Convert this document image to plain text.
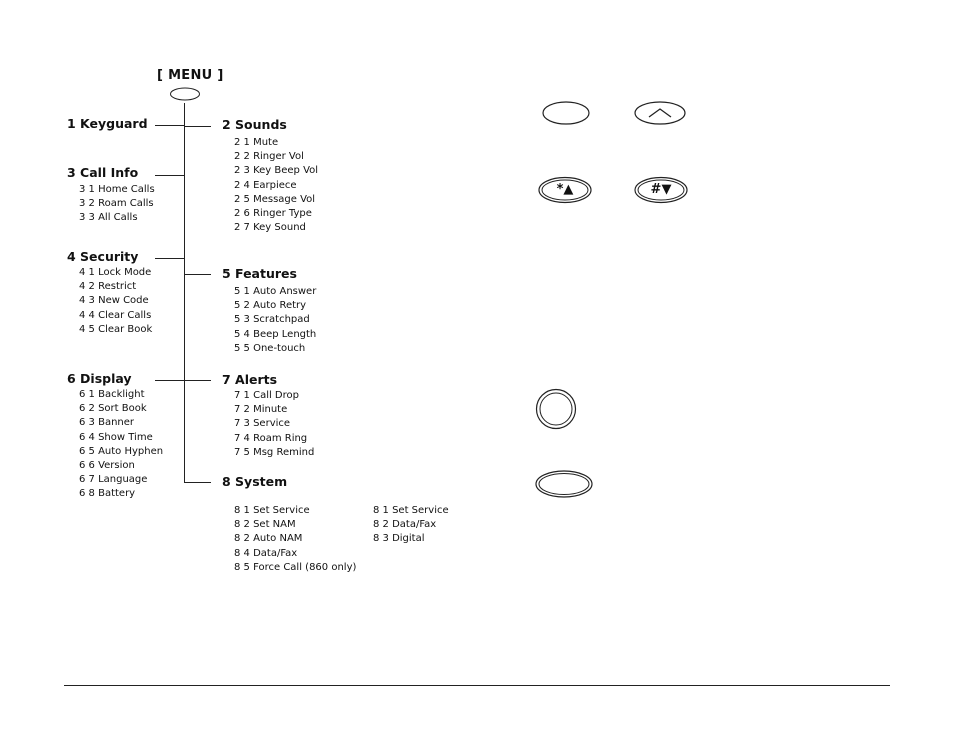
[ MENU ]
1 Keyguard
3 Call Info
3 1 Home Calls
3 2 Roam Calls
3 3 All Calls
4 Security
4 1 Lock Mode
4 2 Restrict
4 3 New Code
4 4 Clear Calls
4 5 Clear Book
6 Display
6 1 Backlight
6 2 Sort Book
6 3 Banner
6 4 Show Time
6 5 Auto Hyphen
6 6 Version
6 7 Language
6 8 Battery
2 Sounds
2 1 Mute
2 2 Ringer Vol
2 3 Key Beep Vol
2 4 Earpiece
2 5 Message Vol
2 6 Ringer Type
2 7 Key Sound
5 Features
5 1 Auto Answer
5 2 Auto Retry
5 3 Scratchpad
5 4 Beep Length
5 5 One-touch
7 Alerts
7 1 Call Drop
7 2 Minute
7 3 Service
7 4 Roam Ring
7 5 Msg Remind
8 System
8 1 Set Service
8 2 Set NAM
8 2 Auto NAM
8 4 Data/Fax
8 5 Force Call (860 only)
8 1 Set Service
8 2 Data/Fax
8 3 Digital
*▲	#▼
